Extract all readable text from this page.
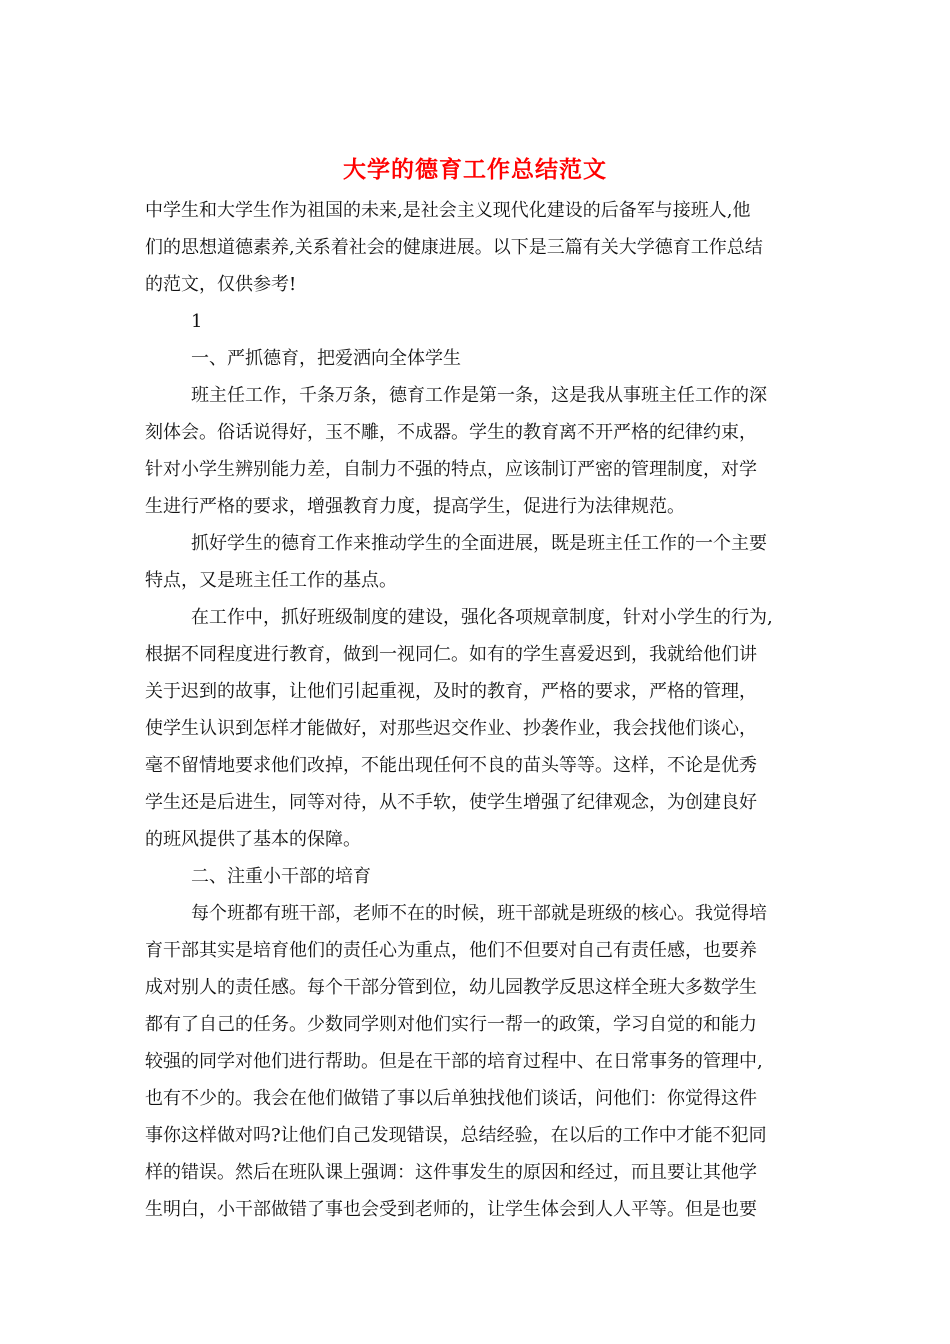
大学的德育工作总结范文
中学生和大学生作为祖国的未来,是社会主义现代化建设的后备军与接班人,他
们的思想道德素养,关系着社会的健康进展。以下是三篇有关大学德育工作总结
的范文，仅供参考!
1
一、严抓德育，把爱洒向全体学生
班主任工作，千条万条，德育工作是第一条，这是我从事班主任工作的深
刻体会。俗话说得好，玉不雕，不成器。学生的教育离不开严格的纪律约束，
针对小学生辨别能力差，自制力不强的特点，应该制订严密的管理制度，对学
生进行严格的要求，增强教育力度，提高学生，促进行为法律规范。
抓好学生的德育工作来推动学生的全面进展，既是班主任工作的一个主要
特点，又是班主任工作的基点。
在工作中，抓好班级制度的建设，强化各项规章制度，针对小学生的行为,
根据不同程度进行教育，做到一视同仁。如有的学生喜爱迟到，我就给他们讲
关于迟到的故事，让他们引起重视，及时的教育，严格的要求，严格的管理，
使学生认识到怎样才能做好，对那些迟交作业、抄袭作业，我会找他们谈心，
毫不留情地要求他们改掉，不能出现任何不良的苗头等等。这样，不论是优秀
学生还是后进生，同等对待，从不手软，使学生增强了纪律观念，为创建良好
的班风提供了基本的保障。
二、注重小干部的培育
每个班都有班干部，老师不在的时候，班干部就是班级的核心。我觉得培
育干部其实是培育他们的责任心为重点，他们不但要对自己有责任感，也要养
成对别人的责任感。每个干部分管到位，幼儿园教学反思这样全班大多数学生
都有了自己的任务。少数同学则对他们实行一帮一的政策，学习自觉的和能力
较强的同学对他们进行帮助。但是在干部的培育过程中、在日常事务的管理中,
也有不少的。我会在他们做错了事以后单独找他们谈话，问他们：你觉得这件
事你这样做对吗?让他们自己发现错误，总结经验，在以后的工作中才能不犯同
样的错误。然后在班队课上强调：这件事发生的原因和经过，而且要让其他学
生明白，小干部做错了事也会受到老师的，让学生体会到人人平等。但是也要
